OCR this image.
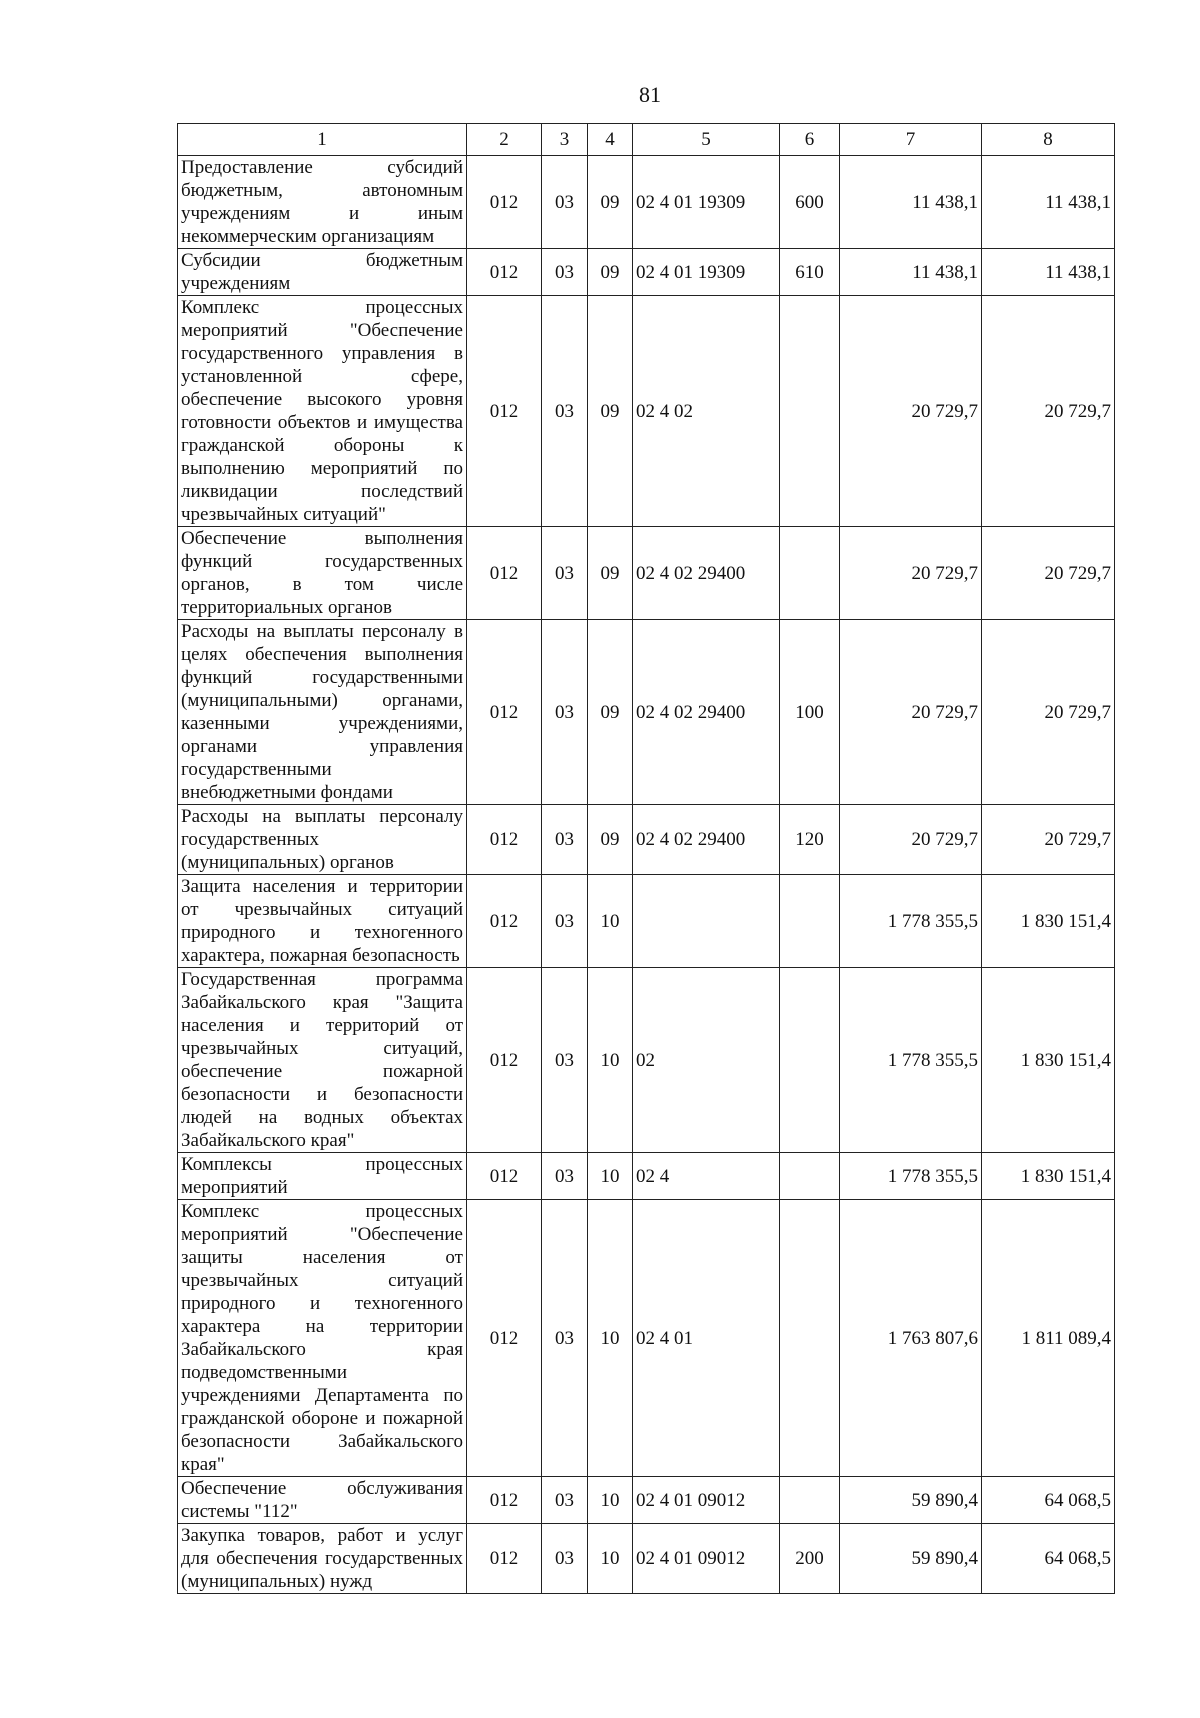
81
1	2	3	4	5	6	7	8
Предоставление субсидий бюджетным, автономным учреждениям и иным некоммерческим организациям	012	03	09	02 4 01 19309	600	11 438,1	11 438,1
Субсидии бюджетным учреждениям	012	03	09	02 4 01 19309	610	11 438,1	11 438,1
Комплекс процессных мероприятий "Обеспечение государственного управления в установленной сфере, обеспечение высокого уровня готовности объектов и имущества гражданской обороны к выполнению мероприятий по ликвидации последствий чрезвычайных ситуаций"	012	03	09	02 4 02		20 729,7	20 729,7
Обеспечение выполнения функций государственных органов, в том числе территориальных органов	012	03	09	02 4 02 29400		20 729,7	20 729,7
Расходы на выплаты персоналу в целях обеспечения выполнения функций государственными (муниципальными) органами, казенными учреждениями, органами управления государственными внебюджетными фондами	012	03	09	02 4 02 29400	100	20 729,7	20 729,7
Расходы на выплаты персоналу государственных (муниципальных) органов	012	03	09	02 4 02 29400	120	20 729,7	20 729,7
Защита населения и территории от чрезвычайных ситуаций природного и техногенного характера, пожарная безопасность	012	03	10			1 778 355,5	1 830 151,4
Государственная программа Забайкальского края "Защита населения и территорий от чрезвычайных ситуаций, обеспечение пожарной безопасности и безопасности людей на водных объектах Забайкальского края"	012	03	10	02		1 778 355,5	1 830 151,4
Комплексы процессных мероприятий	012	03	10	02 4		1 778 355,5	1 830 151,4
Комплекс процессных мероприятий "Обеспечение защиты населения от чрезвычайных ситуаций природного и техногенного характера на территории Забайкальского края подведомственными учреждениями Департамента по гражданской обороне и пожарной безопасности Забайкальского края"	012	03	10	02 4 01		1 763 807,6	1 811 089,4
Обеспечение обслуживания системы "112"	012	03	10	02 4 01 09012		59 890,4	64 068,5
Закупка товаров, работ и услуг для обеспечения государственных (муниципальных) нужд	012	03	10	02 4 01 09012	200	59 890,4	64 068,5
